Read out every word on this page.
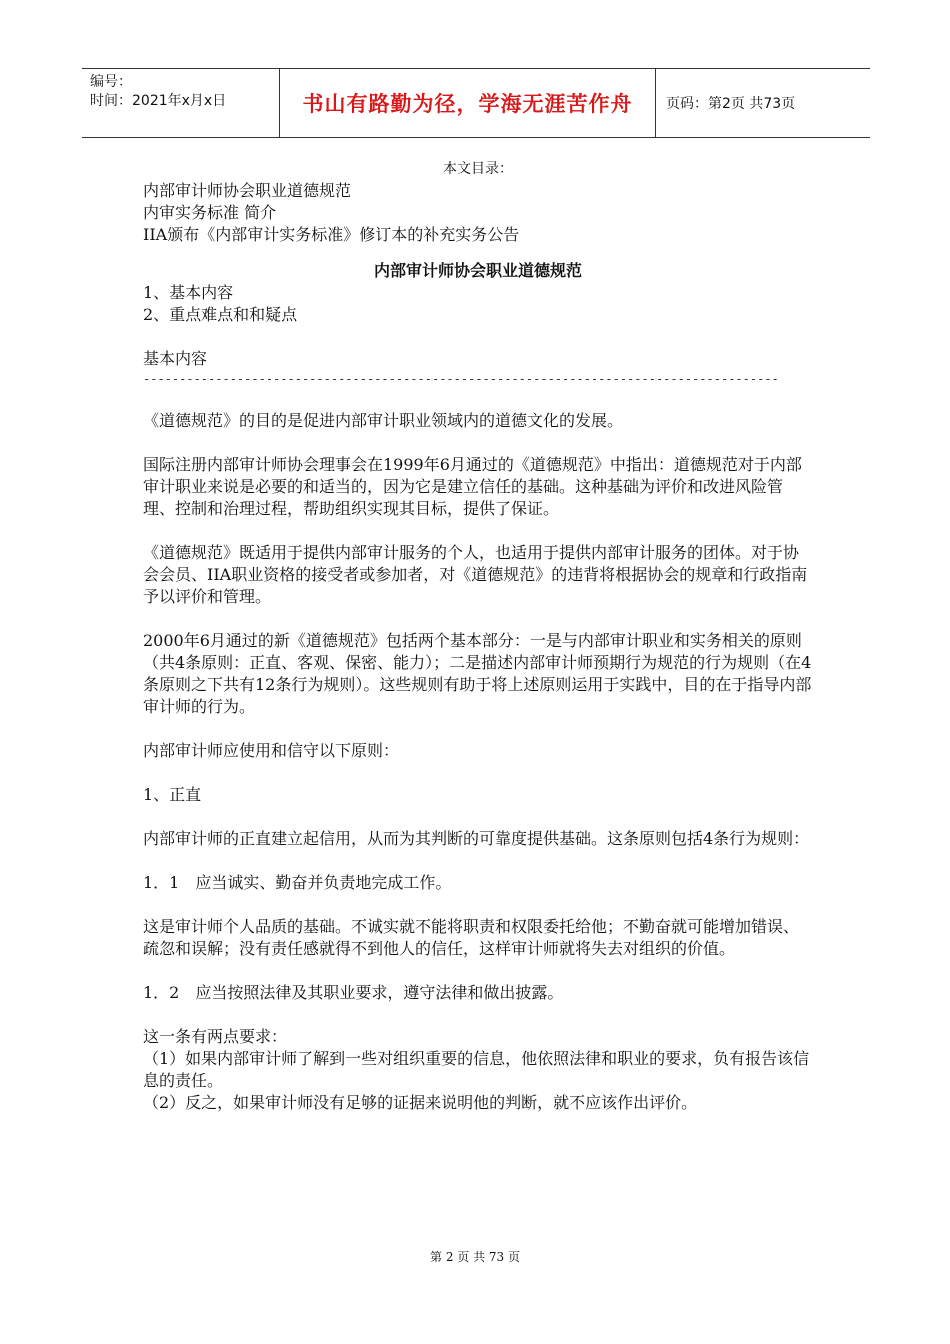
编号：
时间：2021年x月x日	书山有路勤为径，学海无涯苦作舟 页码：第2页 共73页
本文目录：
内部审计师协会职业道德规范
内审实务标准 简介
IIA颁布《内部审计实务标准》修订本的补充实务公告
内部审计师协会职业道德规范
1、基本内容
2、重点难点和和疑点
基本内容
----------------------------------------------------------------------------------------

《道德规范》的目的是促进内部审计职业领域内的道德文化的发展。

国际注册内部审计师协会理事会在1999年6月通过的《道德规范》中指出：道德规范对于内部审计职业来说是必要的和适当的，因为它是建立信任的基础。这种基础为评价和改进风险管理、控制和治理过程，帮助组织实现其目标，提供了保证。

《道德规范》既适用于提供内部审计服务的个人，也适用于提供内部审计服务的团体。对于协会会员、IIA职业资格的接受者或参加者，对《道德规范》的违背将根据协会的规章和行政指南予以评价和管理。

2000年6月通过的新《道德规范》包括两个基本部分：一是与内部审计职业和实务相关的原则（共4条原则：正直、客观、保密、能力）；二是描述内部审计师预期行为规范的行为规则（在4条原则之下共有12条行为规则）。这些规则有助于将上述原则运用于实践中，目的在于指导内部审计师的行为。

内部审计师应使用和信守以下原则：

1、正直

内部审计师的正直建立起信用，从而为其判断的可靠度提供基础。这条原则包括4条行为规则：

1．1　应当诚实、勤奋并负责地完成工作。

这是审计师个人品质的基础。不诚实就不能将职责和权限委托给他；不勤奋就可能增加错误、疏忽和误解；没有责任感就得不到他人的信任，这样审计师就将失去对组织的价值。

1．2　应当按照法律及其职业要求，遵守法律和做出披露。

这一条有两点要求：

（1）如果内部审计师了解到一些对组织重要的信息，他依照法律和职业的要求，负有报告该信息的责任。

（2）反之，如果审计师没有足够的证据来说明他的判断，就不应该作出评价。

第 2 页 共 73 页
